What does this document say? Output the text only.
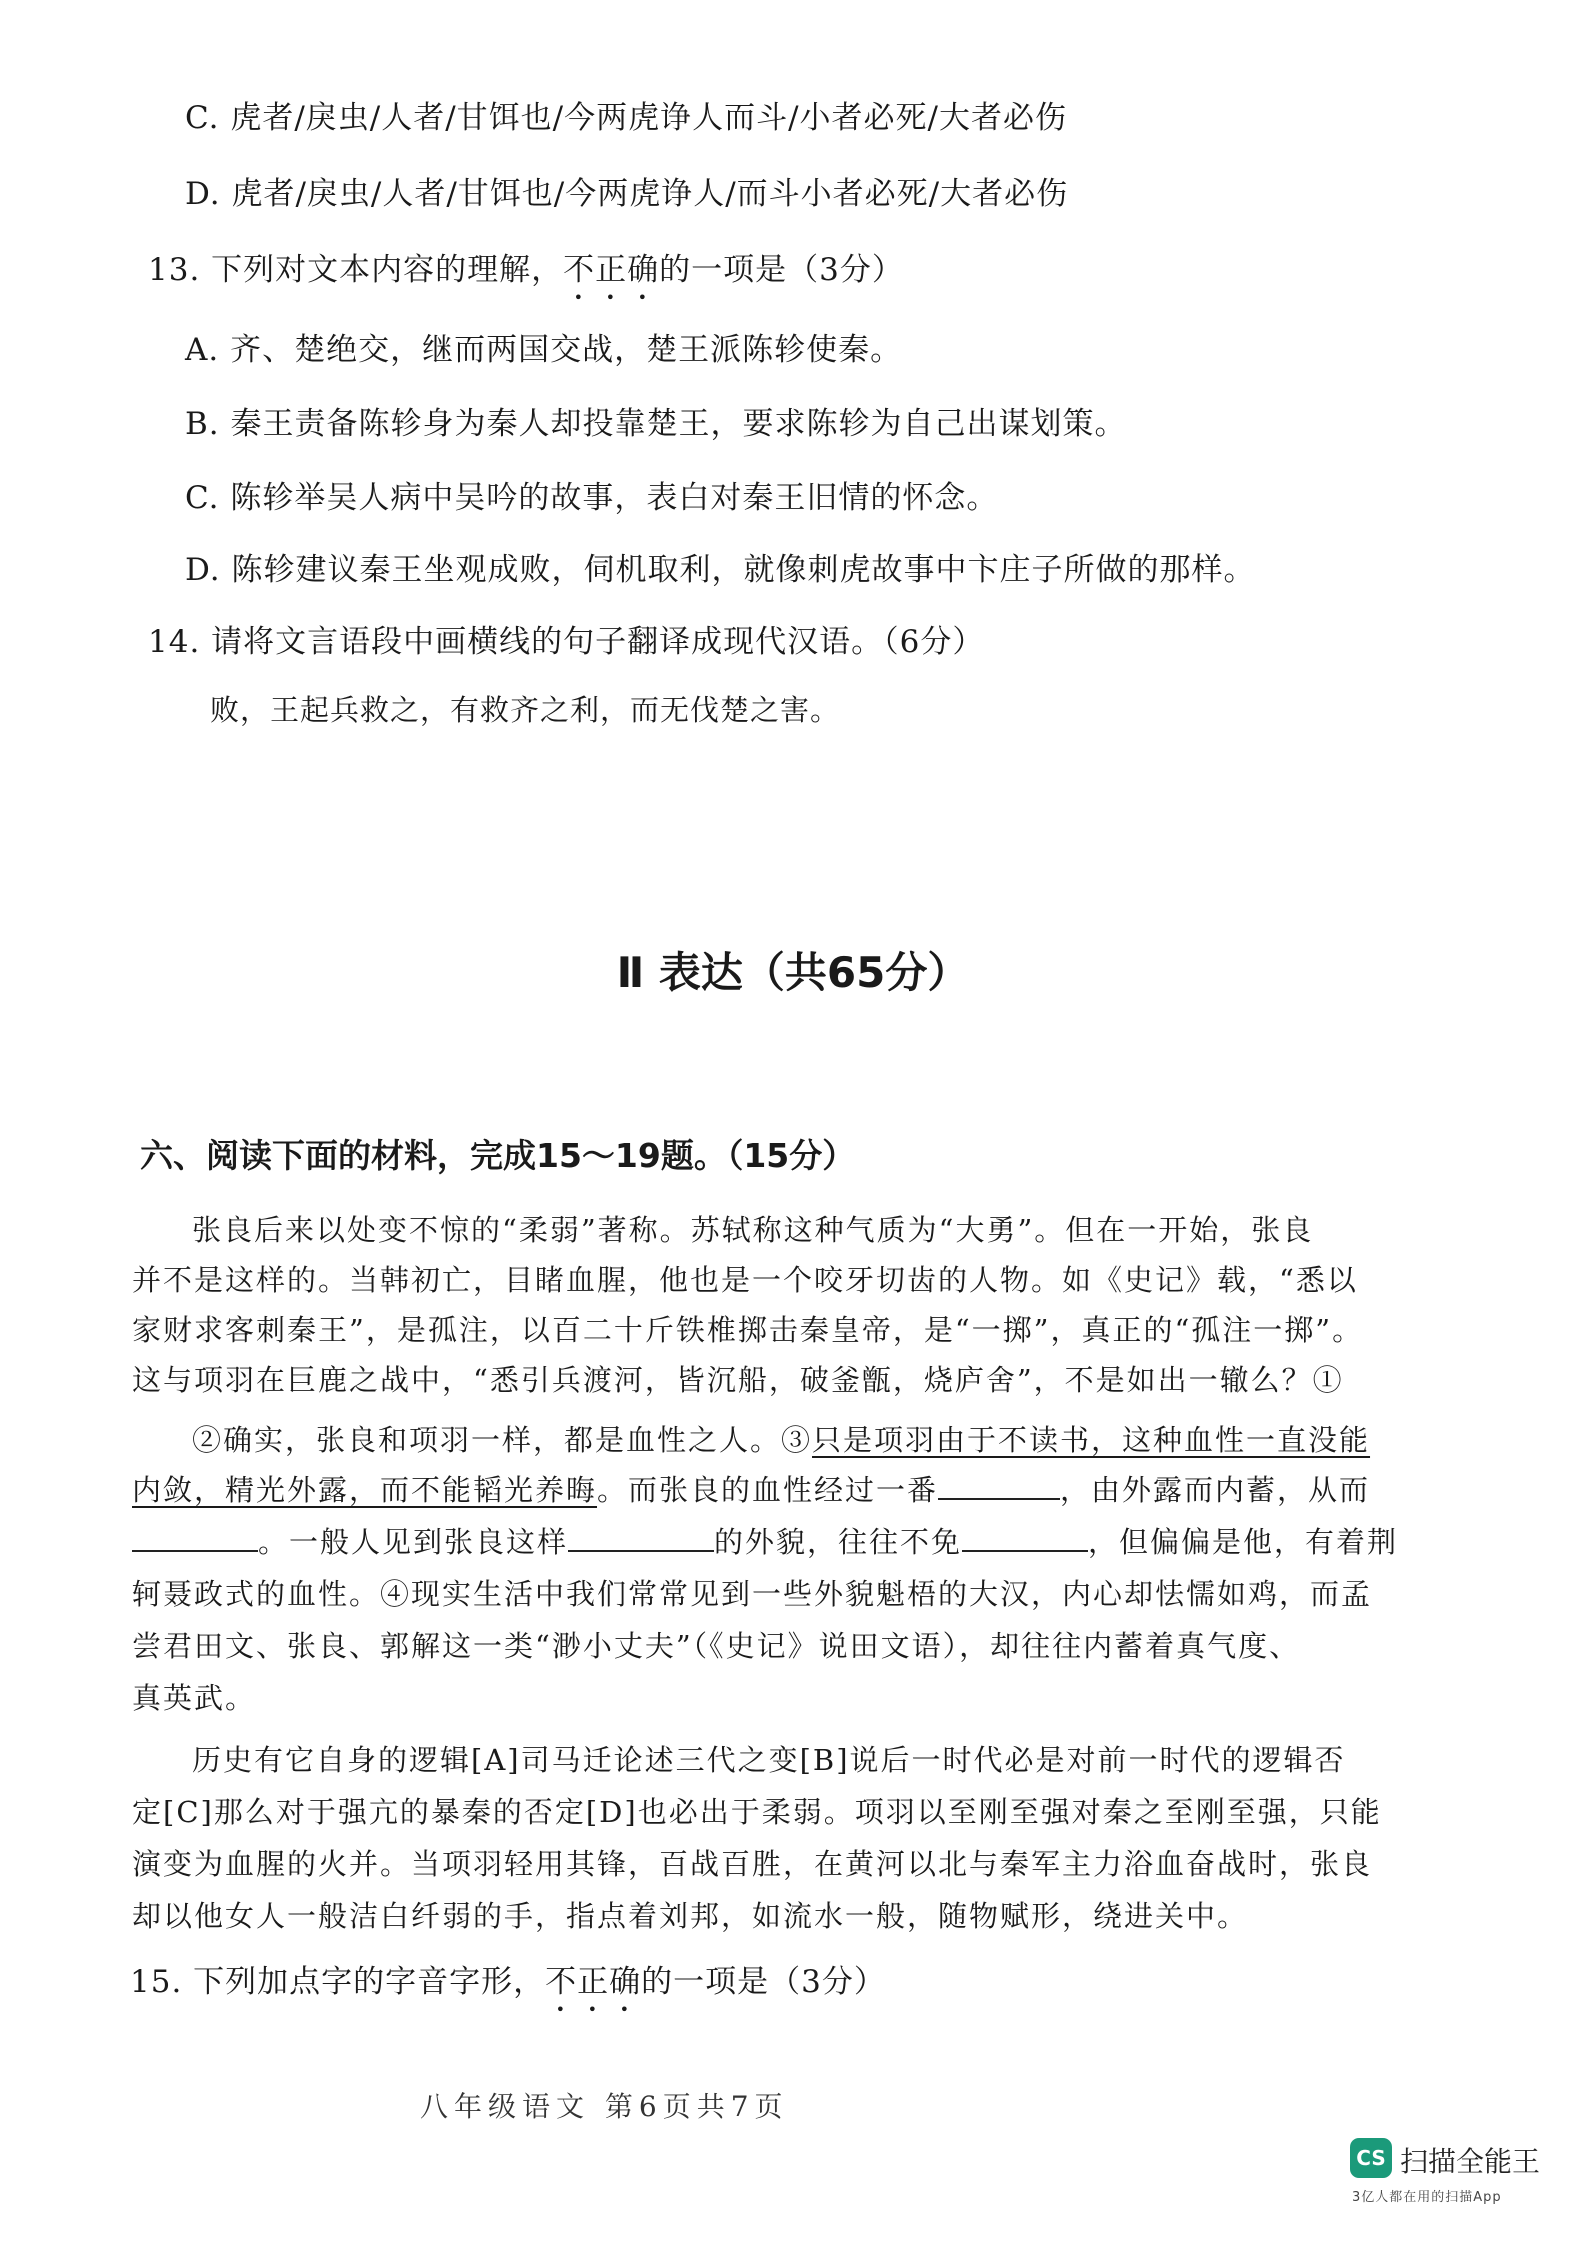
C. 虎者/戾虫/人者/甘饵也/今两虎诤人而斗/小者必死/大者必伤
D. 虎者/戾虫/人者/甘饵也/今两虎诤人/而斗小者必死/大者必伤
13. 下列对文本内容的理解，不正确的一项是（3分）
A. 齐、楚绝交，继而两国交战，楚王派陈轸使秦。
B. 秦王责备陈轸身为秦人却投靠楚王，要求陈轸为自己出谋划策。
C. 陈轸举吴人病中吴吟的故事，表白对秦王旧情的怀念。
D. 陈轸建议秦王坐观成败，伺机取利，就像刺虎故事中卞庄子所做的那样。
14. 请将文言语段中画横线的句子翻译成现代汉语。（6分）
败，王起兵救之，有救齐之利，而无伐楚之害。
Ⅱ 表达（共65分）
六、阅读下面的材料，完成15～19题。（15分）
张良后来以处变不惊的“柔弱”著称。苏轼称这种气质为“大勇”。但在一开始，张良
并不是这样的。当韩初亡，目睹血腥，他也是一个咬牙切齿的人物。如《史记》载，“悉以
家财求客刺秦王”，是孤注，以百二十斤铁椎掷击秦皇帝，是“一掷”，真正的“孤注一掷”。
这与项羽在巨鹿之战中，“悉引兵渡河，皆沉船，破釜甑，烧庐舍”，不是如出一辙么？①
②确实，张良和项羽一样，都是血性之人。③只是项羽由于不读书，这种血性一直没能
内敛，精光外露，而不能韬光养晦。而张良的血性经过一番	，由外露而内蓄，从而
。一般人见到张良这样	的外貌，往往不免	，但偏偏是他，有着荆
轲聂政式的血性。④现实生活中我们常常见到一些外貌魁梧的大汉，内心却怯懦如鸡，而孟
尝君田文、张良、郭解这一类“渺小丈夫”（《史记》说田文语），却往往内蓄着真气度、
真英武。
历史有它自身的逻辑[A]司马迁论述三代之变[B]说后一时代必是对前一时代的逻辑否
定[C]那么对于强亢的暴秦的否定[D]也必出于柔弱。项羽以至刚至强对秦之至刚至强，只能
演变为血腥的火并。当项羽轻用其锋，百战百胜，在黄河以北与秦军主力浴血奋战时，张良
却以他女人一般洁白纤弱的手，指点着刘邦，如流水一般，随物赋形，绕进关中。
15. 下列加点字的字音字形，不正确的一项是（3分）
八年级语文 第6页共7页
CS 扫描全能王
3亿人都在用的扫描App
